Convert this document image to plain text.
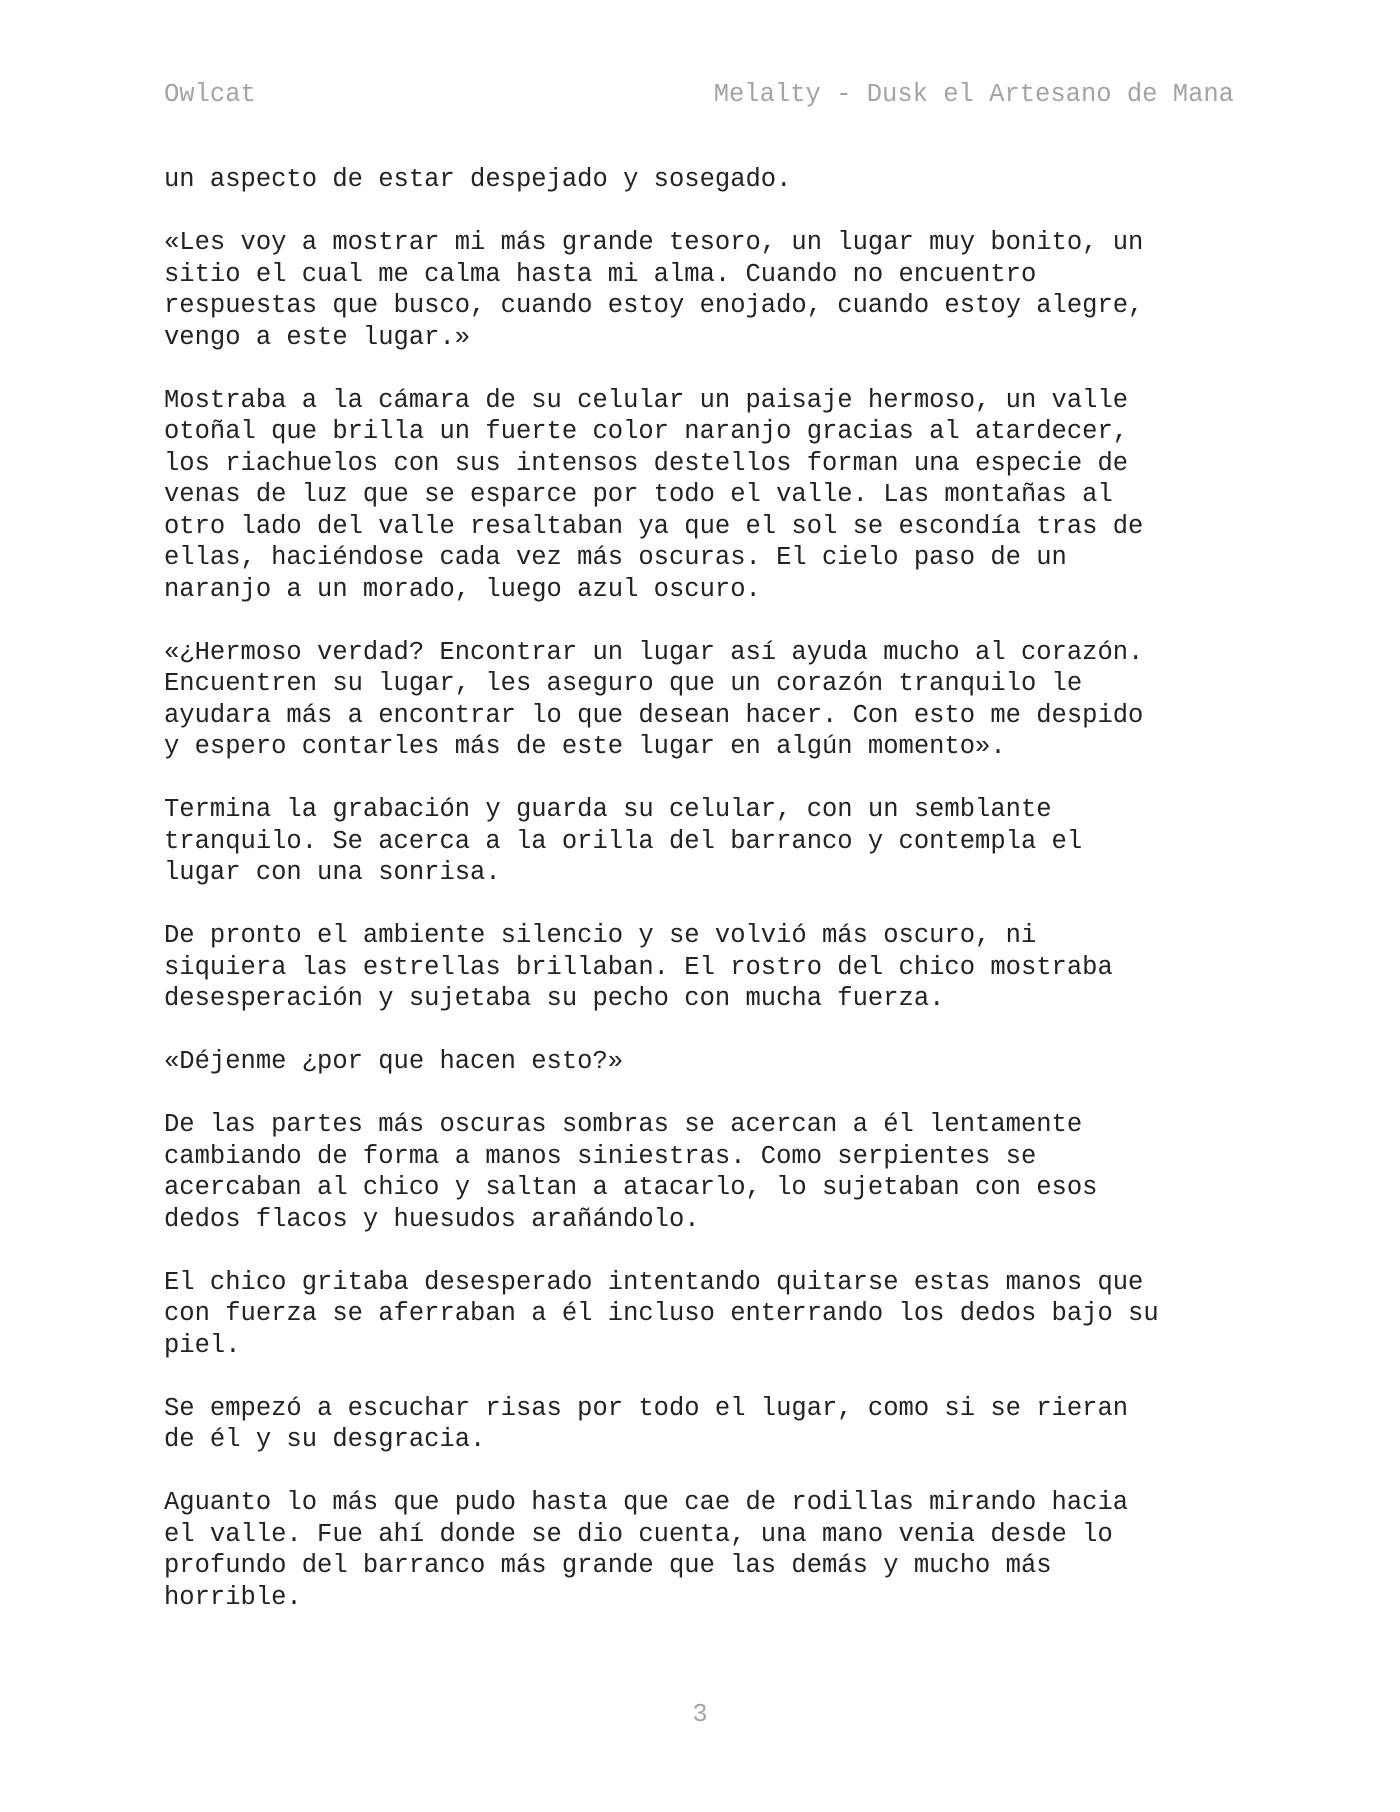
Owlcat	Melalty - Dusk el Artesano de Mana

un aspecto de estar despejado y sosegado.

«Les voy a mostrar mi más grande tesoro, un lugar muy bonito, un
sitio el cual me calma hasta mi alma. Cuando no encuentro
respuestas que busco, cuando estoy enojado, cuando estoy alegre,
vengo a este lugar.»

Mostraba a la cámara de su celular un paisaje hermoso, un valle
otoñal que brilla un fuerte color naranjo gracias al atardecer,
los riachuelos con sus intensos destellos forman una especie de
venas de luz que se esparce por todo el valle. Las montañas al
otro lado del valle resaltaban ya que el sol se escondía tras de
ellas, haciéndose cada vez más oscuras. El cielo paso de un
naranjo a un morado, luego azul oscuro.

«¿Hermoso verdad? Encontrar un lugar así ayuda mucho al corazón.
Encuentren su lugar, les aseguro que un corazón tranquilo le
ayudara más a encontrar lo que desean hacer. Con esto me despido
y espero contarles más de este lugar en algún momento».

Termina la grabación y guarda su celular, con un semblante
tranquilo. Se acerca a la orilla del barranco y contempla el
lugar con una sonrisa.

De pronto el ambiente silencio y se volvió más oscuro, ni
siquiera las estrellas brillaban. El rostro del chico mostraba
desesperación y sujetaba su pecho con mucha fuerza.

«Déjenme ¿por que hacen esto?»

De las partes más oscuras sombras se acercan a él lentamente
cambiando de forma a manos siniestras. Como serpientes se
acercaban al chico y saltan a atacarlo, lo sujetaban con esos
dedos flacos y huesudos arañándolo.

El chico gritaba desesperado intentando quitarse estas manos que
con fuerza se aferraban a él incluso enterrando los dedos bajo su
piel.

Se empezó a escuchar risas por todo el lugar, como si se rieran
de él y su desgracia.

Aguanto lo más que pudo hasta que cae de rodillas mirando hacia
el valle. Fue ahí donde se dio cuenta, una mano venia desde lo
profundo del barranco más grande que las demás y mucho más
horrible.

3
